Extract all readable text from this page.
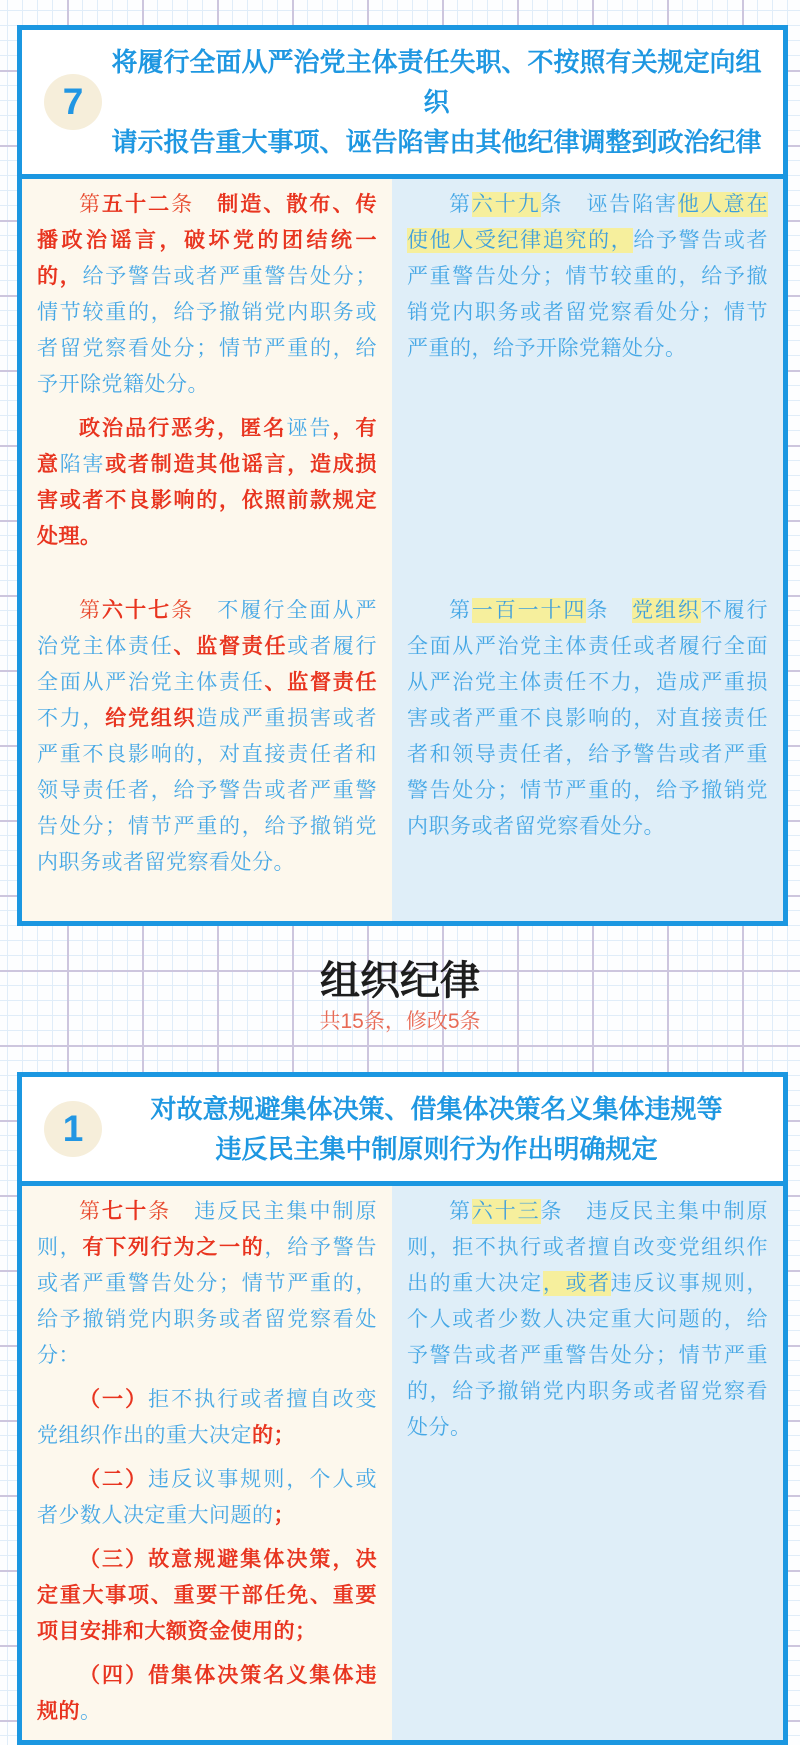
7
将履行全面从严治党主体责任失职、不按照有关规定向组织
请示报告重大事项、诬告陷害由其他纪律调整到政治纪律

第五十二条　制造、散布、传播政治谣言，破坏党的团结统一的，给予警告或者严重警告处分；情节较重的，给予撤销党内职务或者留党察看处分；情节严重的，给予开除党籍处分。

政治品行恶劣，匿名诬告，有意陷害或者制造其他谣言，造成损害或者不良影响的，依照前款规定处理。

第六十九条　诬告陷害他人意在使他人受纪律追究的，给予警告或者严重警告处分；情节较重的，给予撤销党内职务或者留党察看处分；情节严重的，给予开除党籍处分。

第六十七条　不履行全面从严治党主体责任、监督责任或者履行全面从严治党主体责任、监督责任不力，给党组织造成严重损害或者严重不良影响的，对直接责任者和领导责任者，给予警告或者严重警告处分；情节严重的，给予撤销党内职务或者留党察看处分。

第一百一十四条　党组织不履行全面从严治党主体责任或者履行全面从严治党主体责任不力，造成严重损害或者严重不良影响的，对直接责任者和领导责任者，给予警告或者严重警告处分；情节严重的，给予撤销党内职务或者留党察看处分。

组织纪律
共15条，修改5条
1	对故意规避集体决策、借集体决策名义集体违规等
违反民主集中制原则行为作出明确规定

第七十条　违反民主集中制原则，有下列行为之一的，给予警告或者严重警告处分；情节严重的，给予撤销党内职务或者留党察看处分：

（一）拒不执行或者擅自改变党组织作出的重大决定的；

（二）违反议事规则，个人或者少数人决定重大问题的；

（三）故意规避集体决策，决定重大事项、重要干部任免、重要项目安排和大额资金使用的；

（四）借集体决策名义集体违规的。

第六十三条　违反民主集中制原则，拒不执行或者擅自改变党组织作出的重大决定，或者违反议事规则，个人或者少数人决定重大问题的，给予警告或者严重警告处分；情节严重的，给予撤销党内职务或者留党察看处分。
